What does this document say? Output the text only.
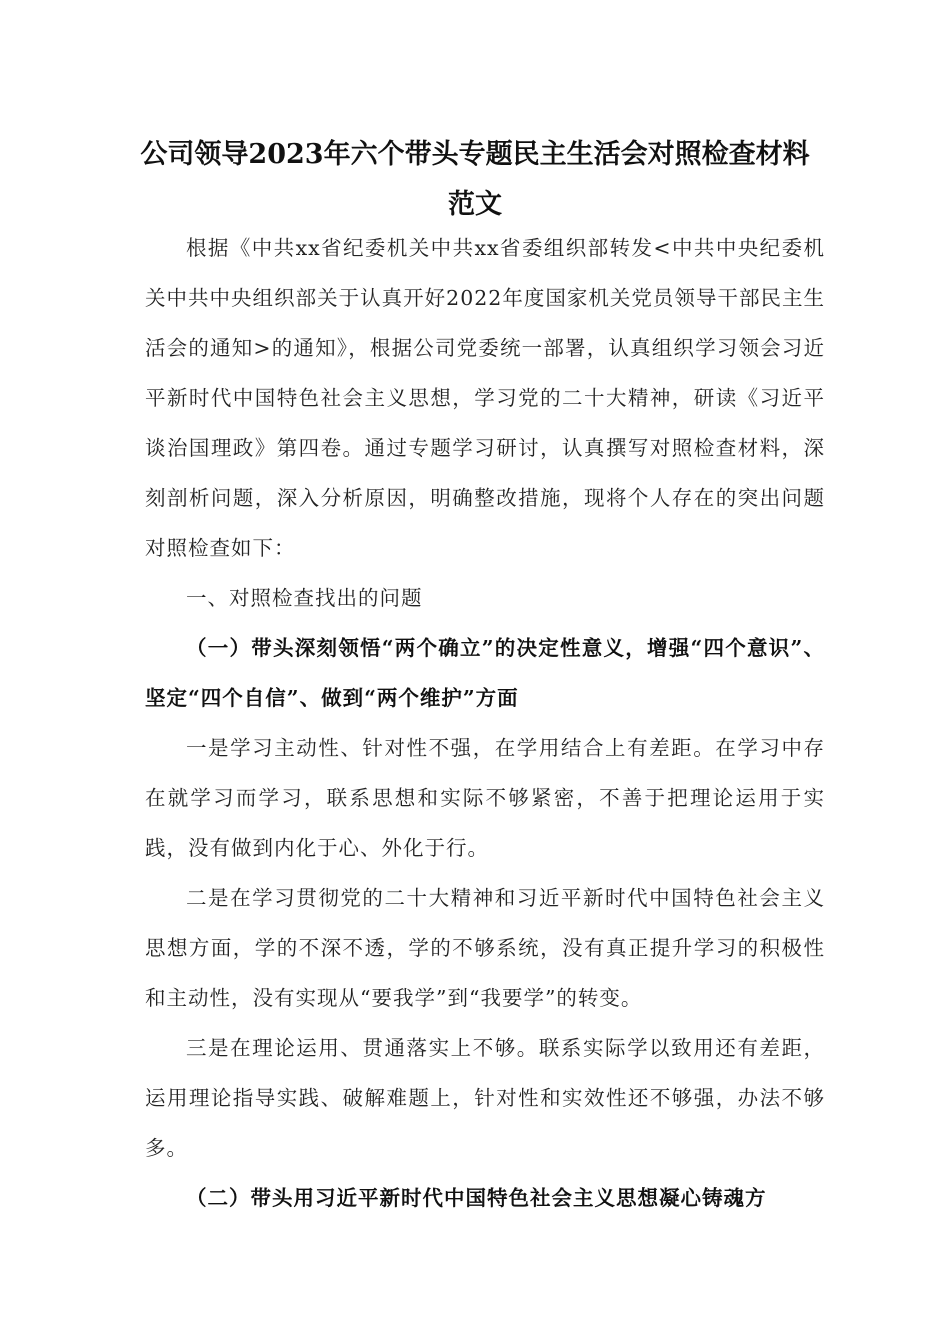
公司领导2023年六个带头专题民主生活会对照检查材料范文

根据《中共xx省纪委机关中共xx省委组织部转发<中共中央纪委机关中共中央组织部关于认真开好2022年度国家机关党员领导干部民主生活会的通知>的通知》，根据公司党委统一部署，认真组织学习领会习近平新时代中国特色社会主义思想，学习党的二十大精神，研读《习近平谈治国理政》第四卷。通过专题学习研讨，认真撰写对照检查材料，深刻剖析问题，深入分析原因，明确整改措施，现将个人存在的突出问题对照检查如下：

一、对照检查找出的问题

（一）带头深刻领悟“两个确立”的决定性意义，增强“四个意识”、坚定“四个自信”、做到“两个维护”方面

一是学习主动性、针对性不强，在学用结合上有差距。在学习中存在就学习而学习，联系思想和实际不够紧密，不善于把理论运用于实践，没有做到内化于心、外化于行。

二是在学习贯彻党的二十大精神和习近平新时代中国特色社会主义思想方面，学的不深不透，学的不够系统，没有真正提升学习的积极性和主动性，没有实现从“要我学”到“我要学”的转变。

三是在理论运用、贯通落实上不够。联系实际学以致用还有差距，运用理论指导实践、破解难题上，针对性和实效性还不够强，办法不够多。

（二）带头用习近平新时代中国特色社会主义思想凝心铸魂方
